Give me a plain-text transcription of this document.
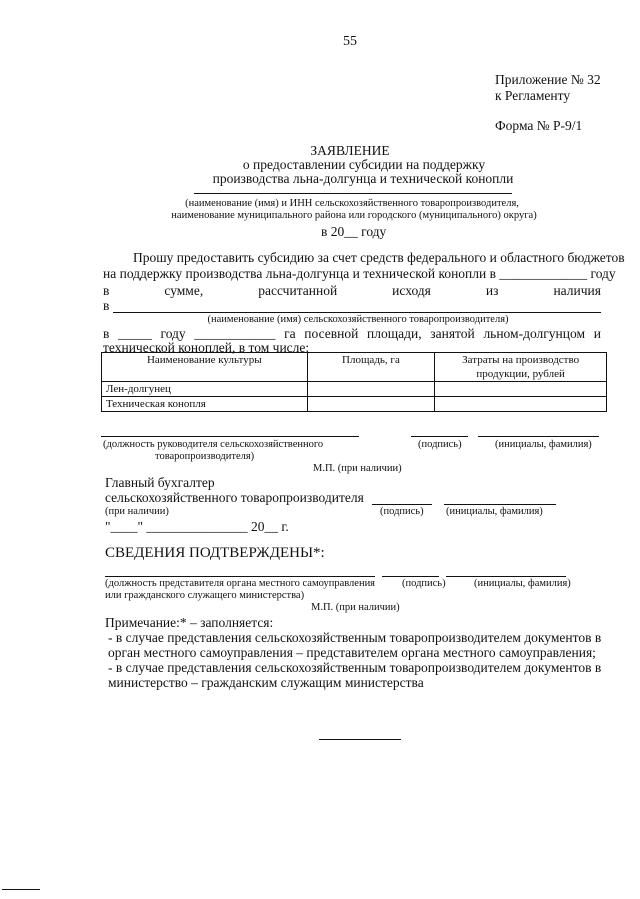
55
Приложение № 32
к Регламенту
Форма № Р-9/1
ЗАЯВЛЕНИЕ
о предоставлении субсидии на поддержку
производства льна-долгунца и технической конопли
(наименование (имя) и ИНН сельскохозяйственного товаропроизводителя,
наименование муниципального района или городского (муниципального) округа)
в 20__ году
Прошу предоставить субсидию за счет средств федерального и областного бюджетов
на поддержку производства льна-долгунца и технической конопли в _____________ году
в	сумме,	рассчитанной	исходя	из	наличия
в
(наименование (имя) сельскохозяйственного товаропроизводителя)
в _____ году ____________ га посевной площади, занятой льном-долгунцом и
технической коноплей, в том числе:
Наименование культуры	Площадь, га	Затраты на производство продукции, рублей
Лен-долгунец		
Техническая конопля		
(должность руководителя сельскохозяйственного
товаропроизводителя)
(подпись)	(инициалы, фамилия)
М.П. (при наличии)
Главный бухгалтер
сельскохозяйственного товаропроизводителя
(при наличии)	(подпись) (инициалы, фамилия)
"____" _______________ 20__ г.
СВЕДЕНИЯ ПОДТВЕРЖДЕНЫ*:
(должность представителя органа местного самоуправления
или гражданского служащего министерства)
(подпись)	(инициалы, фамилия)
М.П. (при наличии)
Примечание:* – заполняется:
- в случае представления сельскохозяйственным товаропроизводителем документов в
орган местного самоуправления – представителем органа местного самоуправления;
- в случае представления сельскохозяйственным товаропроизводителем документов в
министерство – гражданским служащим министерства
